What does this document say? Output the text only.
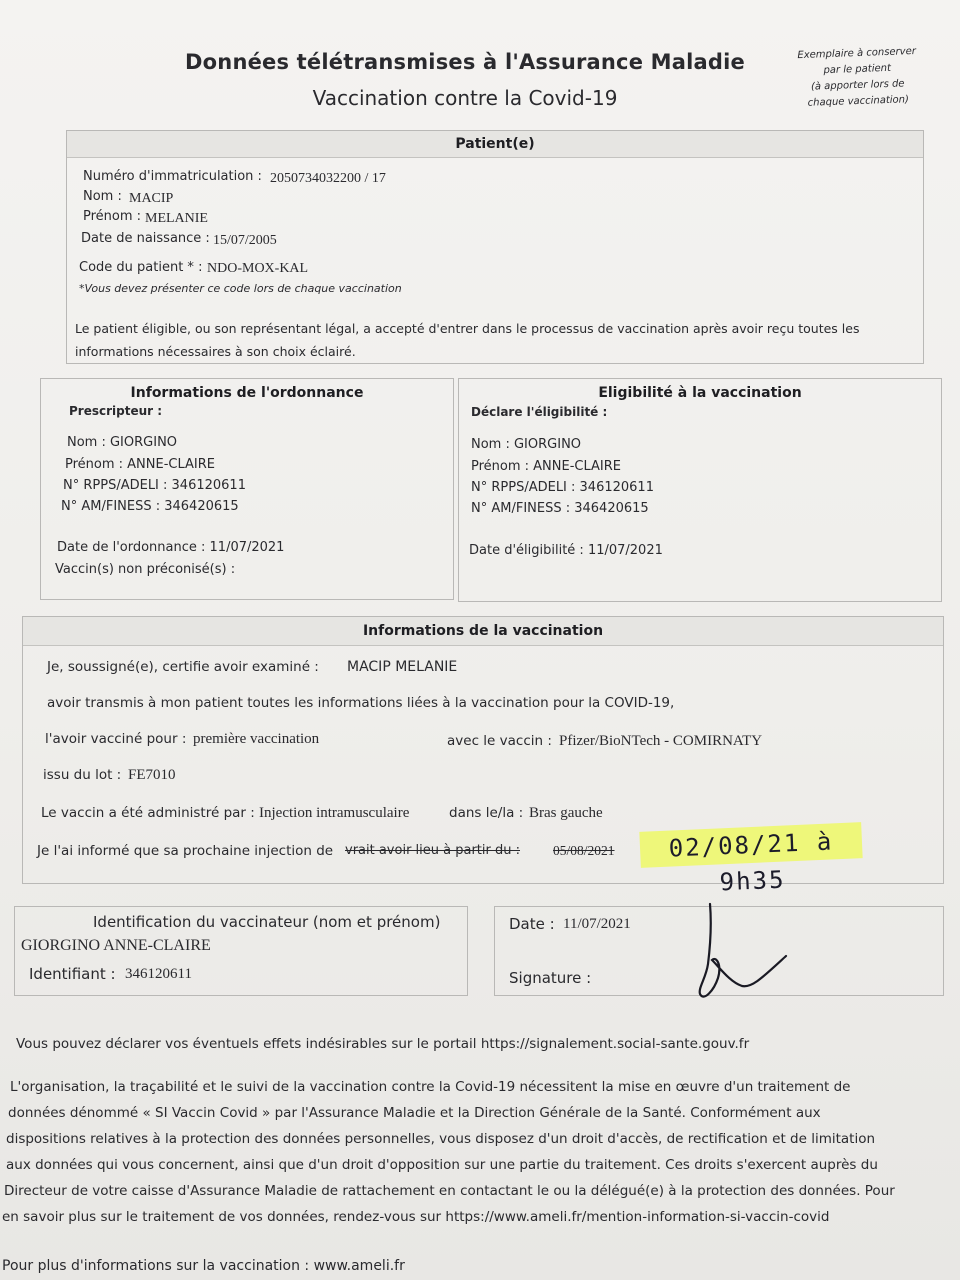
Données télétransmises à l'Assurance Maladie
Vaccination contre la Covid-19
Exemplaire à conserver
par le patient
(à apporter lors de
chaque vaccination)
Patient(e)
Numéro d'immatriculation : 2050734032200 / 17
Nom : MACIP
Prénom : MELANIE
Date de naissance : 15/07/2005
Code du patient * : NDO-MOX-KAL
*Vous devez présenter ce code lors de chaque vaccination
Le patient éligible, ou son représentant légal, a accepté d'entrer dans le processus de vaccination après avoir reçu toutes les
informations nécessaires à son choix éclairé.
Informations de l'ordonnance
Prescripteur :
Nom : GIORGINO
Prénom : ANNE-CLAIRE
N° RPPS/ADELI : 346120611
N° AM/FINESS : 346420615
Date de l'ordonnance : 11/07/2021
Vaccin(s) non préconisé(s) :
Eligibilité à la vaccination
Déclare l'éligibilité :
Nom : GIORGINO
Prénom : ANNE-CLAIRE
N° RPPS/ADELI : 346120611
N° AM/FINESS : 346420615
Date d'éligibilité : 11/07/2021
Informations de la vaccination
Je, soussigné(e), certifie avoir examiné : MACIP MELANIE
avoir transmis à mon patient toutes les informations liées à la vaccination pour la COVID-19,
l'avoir vacciné pour : première vaccination	avec le vaccin : Pfizer/BioNTech - COMIRNATY
issu du lot : FE7010
Le vaccin a été administré par : Injection intramusculaire	dans le/la : Bras gauche
Je l'ai informé que sa prochaine injection de vrait avoir lieu à partir du : 05/08/2021	02/08/21 à 9h35
Identification du vaccinateur (nom et prénom)
GIORGINO ANNE-CLAIRE
Identifiant : 346120611
Date : 11/07/2021
Signature :
Vous pouvez déclarer vos éventuels effets indésirables sur le portail https://signalement.social-sante.gouv.fr
L'organisation, la traçabilité et le suivi de la vaccination contre la Covid-19 nécessitent la mise en œuvre d'un traitement de
données dénommé « SI Vaccin Covid » par l'Assurance Maladie et la Direction Générale de la Santé. Conformément aux
dispositions relatives à la protection des données personnelles, vous disposez d'un droit d'accès, de rectification et de limitation
aux données qui vous concernent, ainsi que d'un droit d'opposition sur une partie du traitement. Ces droits s'exercent auprès du
Directeur de votre caisse d'Assurance Maladie de rattachement en contactant le ou la délégué(e) à la protection des données. Pour
en savoir plus sur le traitement de vos données, rendez-vous sur https://www.ameli.fr/mention-information-si-vaccin-covid
Pour plus d'informations sur la vaccination : www.ameli.fr
